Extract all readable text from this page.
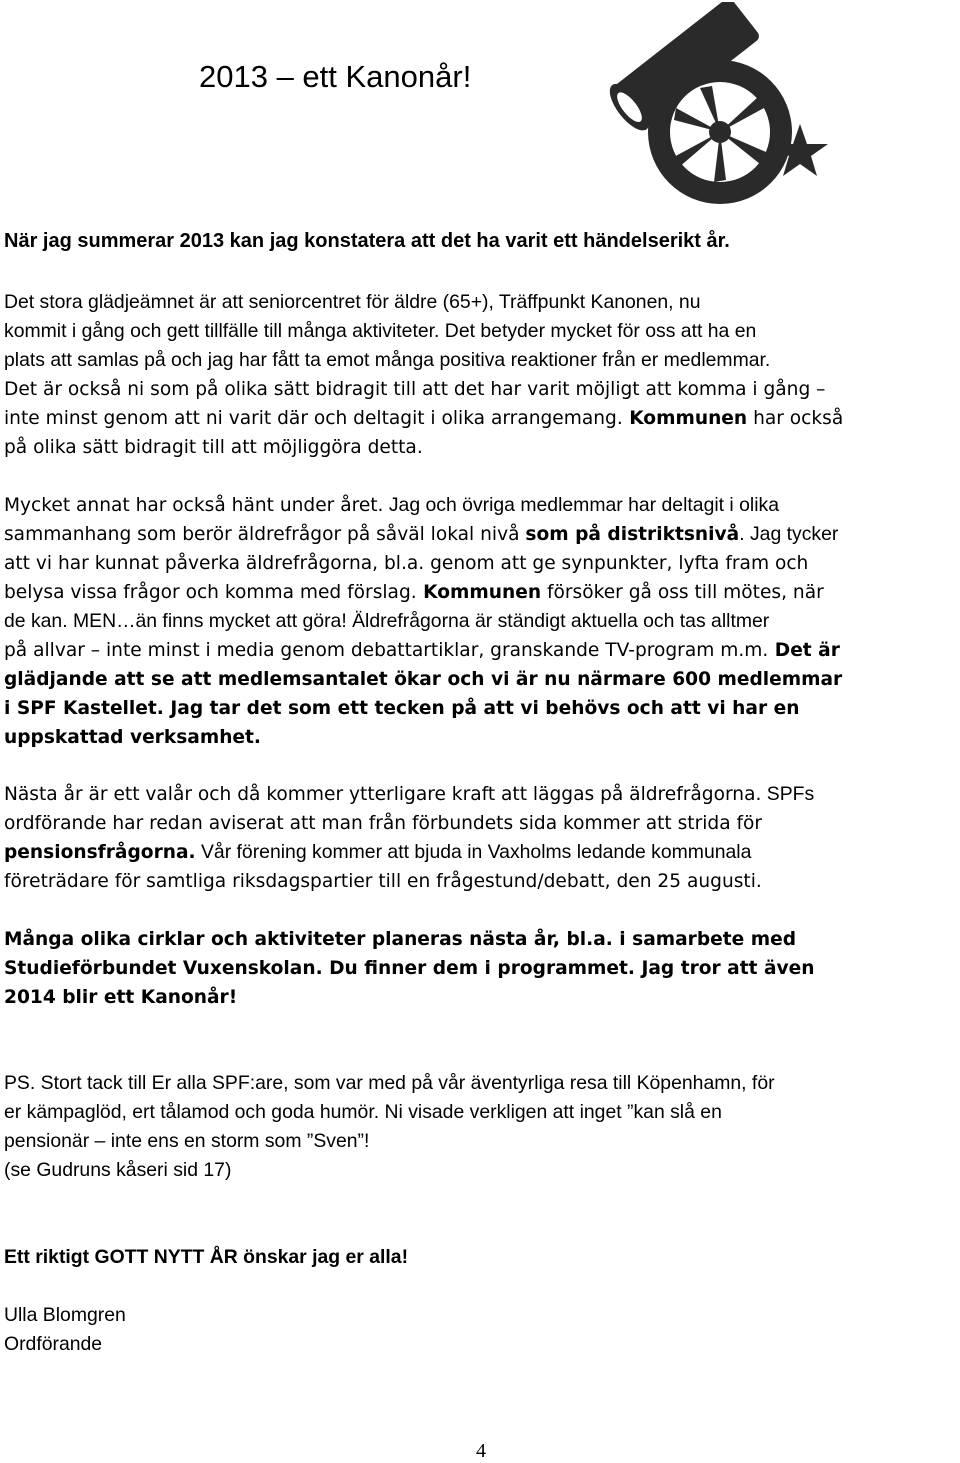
2013 – ett Kanonår!

När jag summerar 2013 kan jag konstatera att det ha varit ett händelserikt år.

Det stora glädjeämnet är att seniorcentret för äldre (65+), Träffpunkt Kanonen, nu
kommit i gång och gett tillfälle till många aktiviteter. Det betyder mycket för oss att ha en
plats att samlas på och jag har fått ta emot många positiva reaktioner från er medlemmar.
Det är också ni som på olika sätt bidragit till att det har varit möjligt att komma i gång –
inte minst genom att ni varit där och deltagit i olika arrangemang. Kommunen har också
på olika sätt bidragit till att möjliggöra detta.

Mycket annat har också hänt under året. Jag och övriga medlemmar har deltagit i olika
sammanhang som berör äldrefrågor på såväl lokal nivå som på distriktsnivå. Jag tycker
att vi har kunnat påverka äldrefrågorna, bl.a. genom att ge synpunkter, lyfta fram och
belysa vissa frågor och komma med förslag. Kommunen försöker gå oss till mötes, när
de kan. MEN…än finns mycket att göra! Äldrefrågorna är ständigt aktuella och tas alltmer
på allvar – inte minst i media genom debattartiklar, granskande TV-program m.m. Det är
glädjande att se att medlemsantalet ökar och vi är nu närmare 600 medlemmar
i SPF Kastellet. Jag tar det som ett tecken på att vi behövs och att vi har en
uppskattad verksamhet.

Nästa år är ett valår och då kommer ytterligare kraft att läggas på äldrefrågorna. SPFs
ordförande har redan aviserat att man från förbundets sida kommer att strida för
pensionsfrågorna. Vår förening kommer att bjuda in Vaxholms ledande kommunala
företrädare för samtliga riksdagspartier till en frågestund/debatt, den 25 augusti.

Många olika cirklar och aktiviteter planeras nästa år, bl.a. i samarbete med
Studieförbundet Vuxenskolan. Du finner dem i programmet. Jag tror att även
2014 blir ett Kanonår!

PS. Stort tack till Er alla SPF:are, som var med på vår äventyrliga resa till Köpenhamn, för
er kämpaglöd, ert tålamod och goda humör. Ni visade verkligen att inget ”kan slå en
pensionär – inte ens en storm som ”Sven”!
(se Gudruns kåseri sid 17)

Ett riktigt GOTT NYTT ÅR önskar jag er alla!

Ulla Blomgren
Ordförande

4
